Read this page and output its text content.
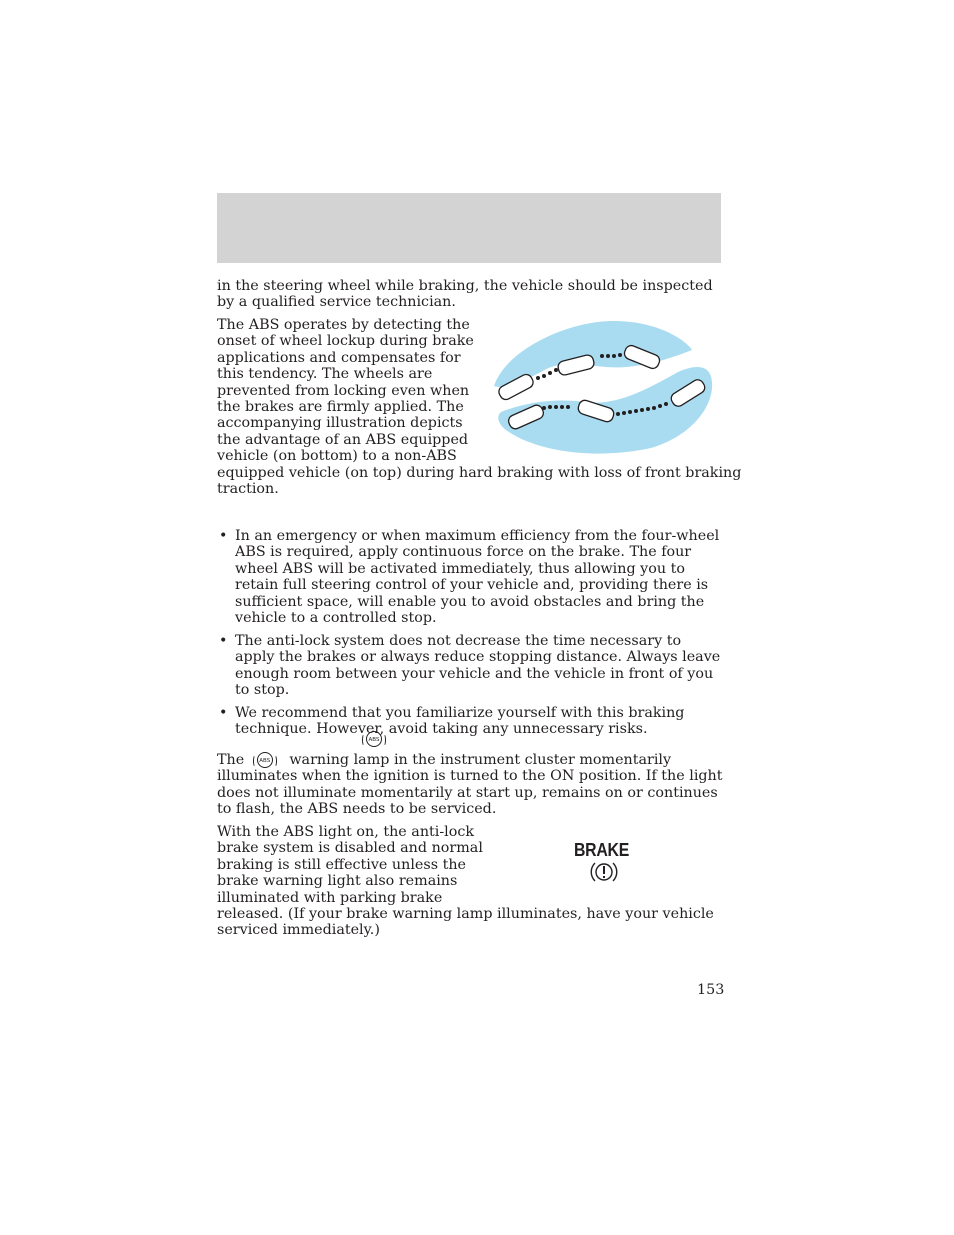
in the steering wheel while braking, the vehicle should be inspected by a qualified service technician.
The ABS operates by detecting the
onset of wheel lockup during brake
applications and compensates for
this tendency. The wheels are
prevented from locking even when
the brakes are firmly applied. The
accompanying illustration depicts
the advantage of an ABS equipped
vehicle (on bottom) to a non-ABS
equipped vehicle (on top) during hard braking with loss of front braking
traction.
• In an emergency or when maximum efficiency from the four-wheel ABS is required, apply continuous force on the brake. The four wheel ABS will be activated immediately, thus allowing you to retain full steering control of your vehicle and, providing there is sufficient space, will enable you to avoid obstacles and bring the vehicle to a controlled stop.
• The anti-lock system does not decrease the time necessary to apply the brakes or always reduce stopping distance. Always leave enough room between your vehicle and the vehicle in front of you to stop.
• We recommend that you familiarize yourself with this braking technique. However, avoid taking any unnecessary risks.
ABS
The	ABS warning lamp in the instrument cluster momentarily illuminates when the ignition is turned to the ON position. If the light does not illuminate momentarily at start up, remains on or continues to flash, the ABS needs to be serviced.
With the ABS light on, the anti-lock
brake system is disabled and normal
braking is still effective unless the
brake warning light also remains
illuminated with parking brake
released. (If your brake warning lamp illuminates, have your vehicle
serviced immediately.)
BRAKE
153
